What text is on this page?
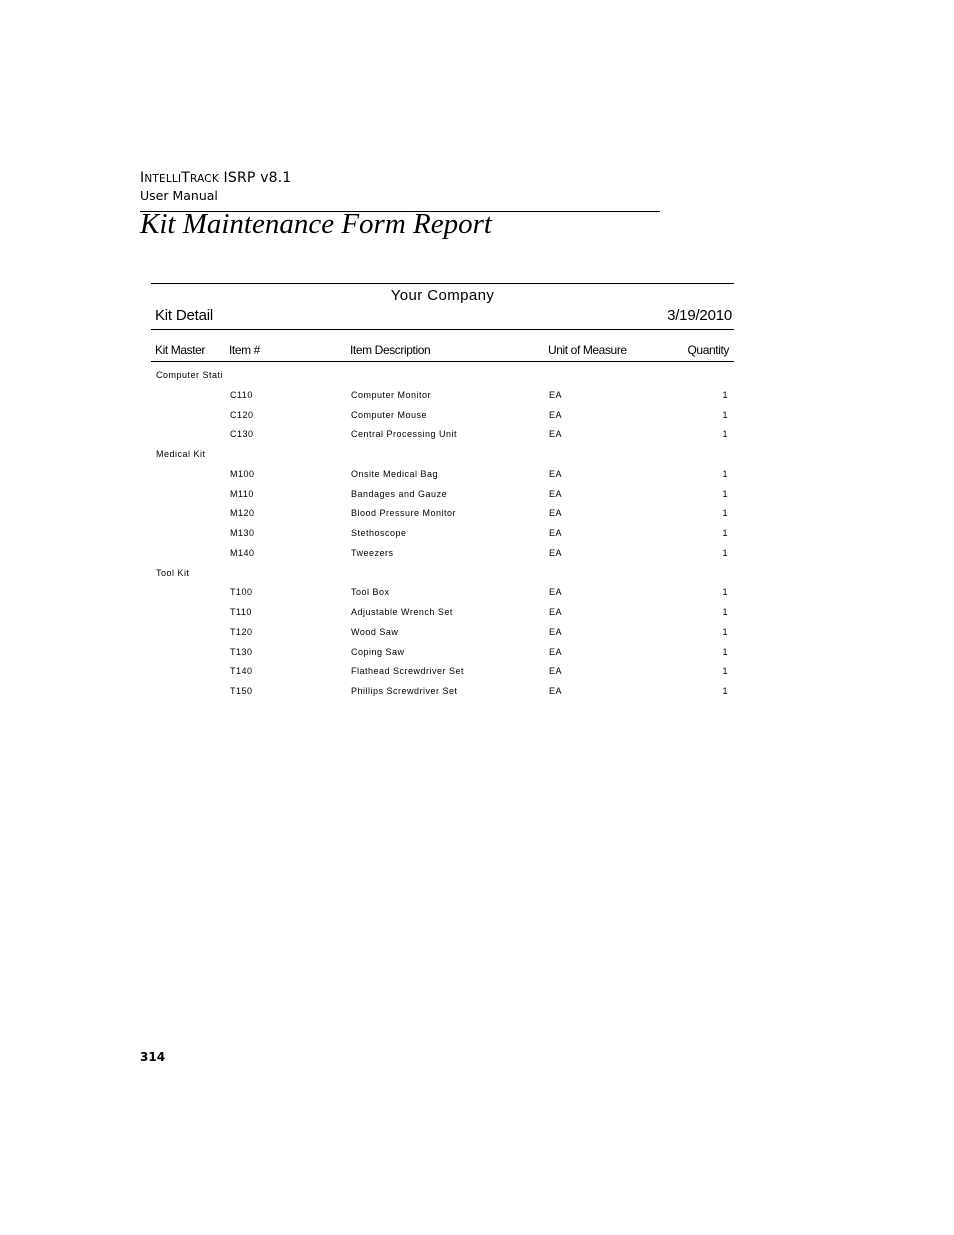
INTELLITRACK ISRP v8.1
User Manual
Kit Maintenance Form Report
Your Company
Kit Detail	3/19/2010
Kit Master Item #	Item Description	Unit of Measure	Quantity
Computer Stati
C110	Computer Monitor	EA	1
C120	Computer Mouse	EA	1
C130	Central Processing Unit	EA	1
Medical Kit
M100	Onsite Medical Bag	EA	1
M110	Bandages and Gauze	EA	1
M120	Blood Pressure Monitor	EA	1
M130	Stethoscope	EA	1
M140	Tweezers	EA	1
Tool Kit
T100	Tool Box	EA	1
T110	Adjustable Wrench Set	EA	1
T120	Wood Saw	EA	1
T130	Coping Saw	EA	1
T140	Flathead Screwdriver Set	EA	1
T150	Phillips Screwdriver Set	EA	1
314
